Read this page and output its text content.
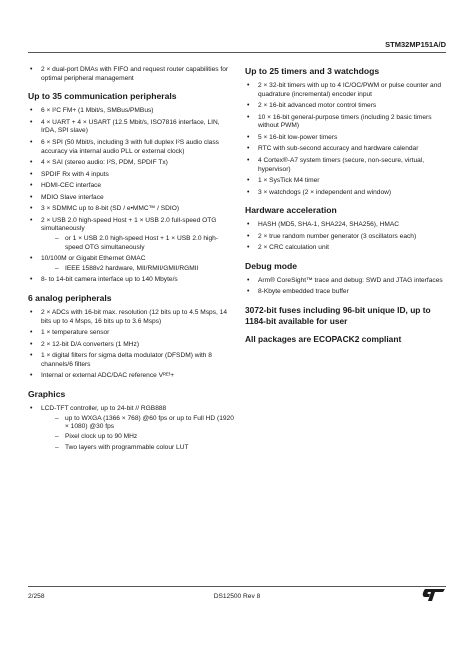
STM32MP151A/D
• 2 × dual-port DMAs with FIFO and request router capabilities for optimal peripheral management
Up to 35 communication peripherals
• 6 × I²C FM+ (1 Mbit/s, SMBus/PMBus)
• 4 × UART + 4 × USART (12.5 Mbit/s, ISO7816 interface, LIN, IrDA, SPI slave)
• 6 × SPI (50 Mbit/s, including 3 with full duplex I²S audio class accuracy via internal audio PLL or external clock)
• 4 × SAI (stereo audio: I²S, PDM, SPDIF Tx)
• SPDIF Rx with 4 inputs
• HDMI-CEC interface
• MDIO Slave interface
• 3 × SDMMC up to 8-bit (SD / e•MMC™ / SDIO)
• 2 × USB 2.0 high-speed Host + 1 × USB 2.0 full-speed OTG simultaneously
– or 1 × USB 2.0 high-speed Host + 1 × USB 2.0 high-speed OTG simultaneously
• 10/100M or Gigabit Ethernet GMAC
– IEEE 1588v2 hardware, MII/RMII/GMII/RGMII
• 8- to 14-bit camera interface up to 140 Mbyte/s
6 analog peripherals
• 2 × ADCs with 16-bit max. resolution (12 bits up to 4.5 Msps, 14 bits up to 4 Msps, 16 bits up to 3.6 Msps)
• 1 × temperature sensor
• 2 × 12-bit D/A converters (1 MHz)
• 1 × digital filters for sigma delta modulator (DFSDM) with 8 channels/6 filters
• Internal or external ADC/DAC reference Vᴿᴱᶠ+
Graphics
• LCD-TFT controller, up to 24-bit // RGB888
– up to WXGA (1366 × 768) @60 fps or up to Full HD (1920 × 1080) @30 fps
– Pixel clock up to 90 MHz
– Two layers with programmable colour LUT
Up to 25 timers and 3 watchdogs
• 2 × 32-bit timers with up to 4 IC/OC/PWM or pulse counter and quadrature (incremental) encoder input
• 2 × 16-bit advanced motor control timers
• 10 × 16-bit general-purpose timers (including 2 basic timers without PWM)
• 5 × 16-bit low-power timers
• RTC with sub-second accuracy and hardware calendar
• 4 Cortex®-A7 system timers (secure, non-secure, virtual, hypervisor)
• 1 × SysTick M4 timer
• 3 × watchdogs (2 × independent and window)
Hardware acceleration
• HASH (MD5, SHA-1, SHA224, SHA256), HMAC
• 2 × true random number generator (3 oscillators each)
• 2 × CRC calculation unit
Debug mode
• Arm® CoreSight™ trace and debug: SWD and JTAG interfaces
• 8-Kbyte embedded trace buffer

3072-bit fuses including 96-bit unique ID, up to 1184-bit available for user

All packages are ECOPACK2 compliant

2/258	DS12500 Rev 8
